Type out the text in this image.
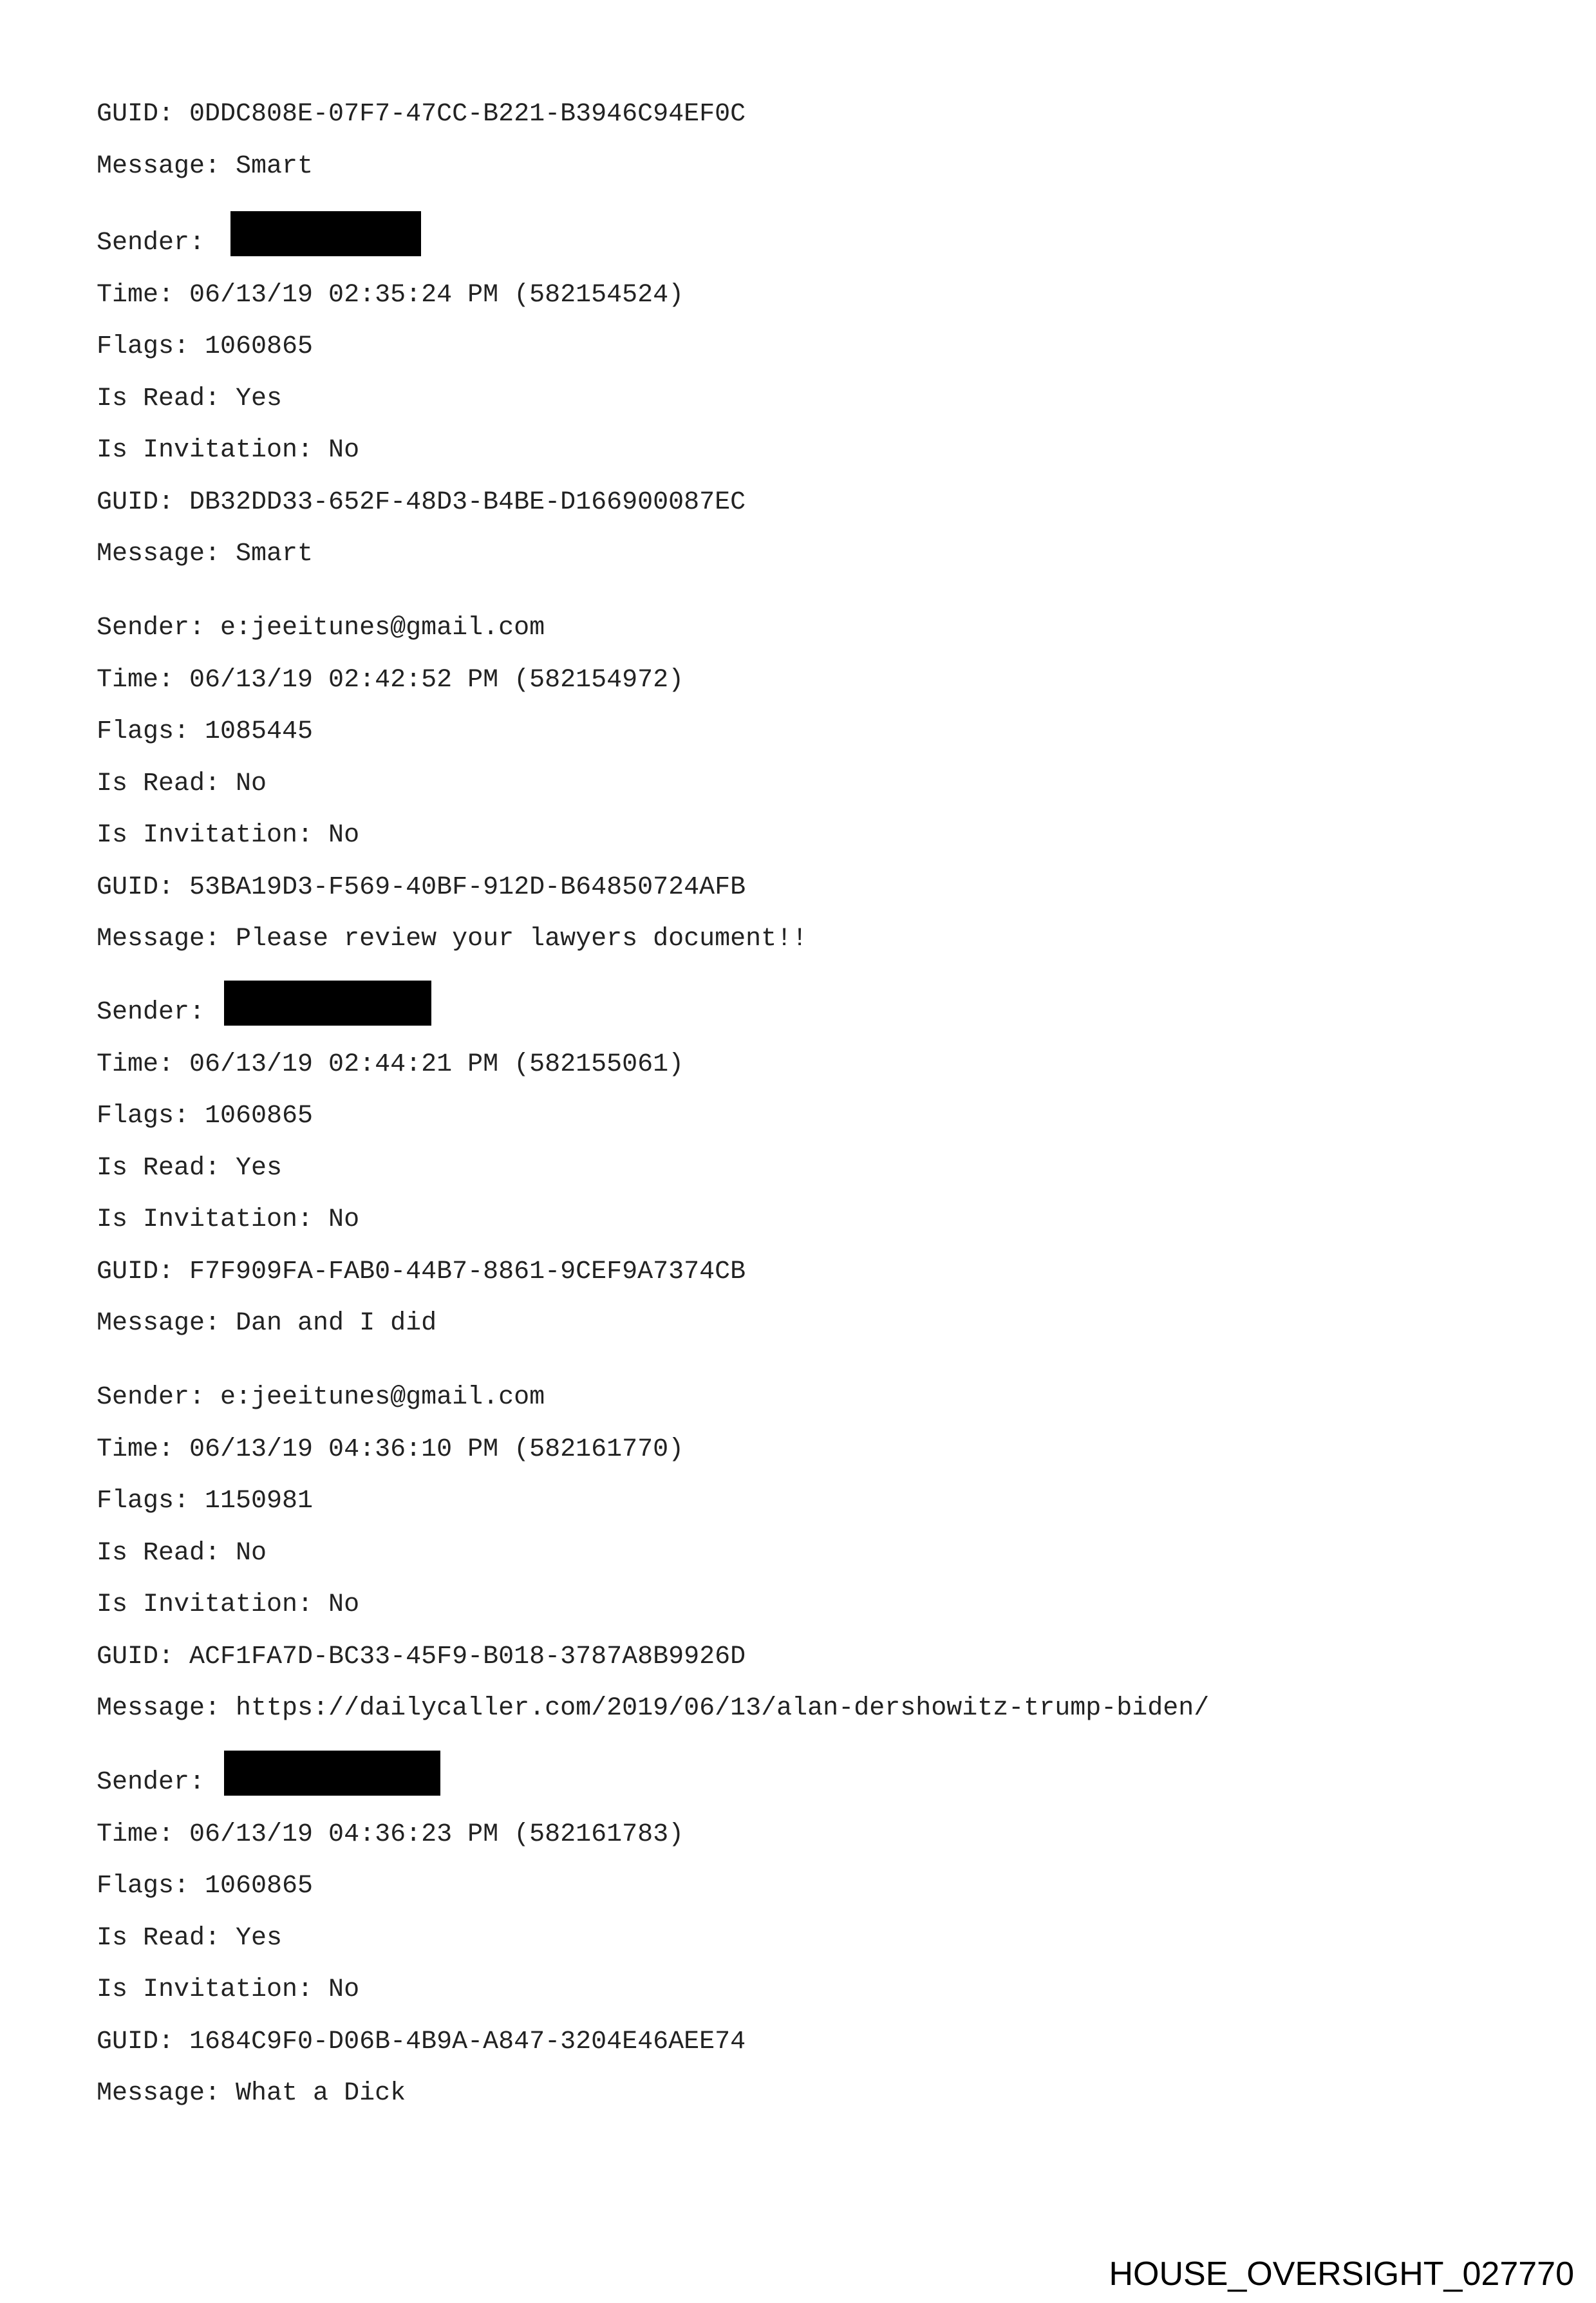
GUID: 0DDC808E-07F7-47CC-B221-B3946C94EF0C
Message: Smart
Sender:
Time: 06/13/19 02:35:24 PM (582154524)
Flags: 1060865
Is Read: Yes
Is Invitation: No
GUID: DB32DD33-652F-48D3-B4BE-D166900087EC
Message: Smart
Sender: e:jeeitunes@gmail.com
Time: 06/13/19 02:42:52 PM (582154972)
Flags: 1085445
Is Read: No
Is Invitation: No
GUID: 53BA19D3-F569-40BF-912D-B64850724AFB
Message: Please review your lawyers document!!
Sender:
Time: 06/13/19 02:44:21 PM (582155061)
Flags: 1060865
Is Read: Yes
Is Invitation: No
GUID: F7F909FA-FAB0-44B7-8861-9CEF9A7374CB
Message: Dan and I did
Sender: e:jeeitunes@gmail.com
Time: 06/13/19 04:36:10 PM (582161770)
Flags: 1150981
Is Read: No
Is Invitation: No
GUID: ACF1FA7D-BC33-45F9-B018-3787A8B9926D
Message: https://dailycaller.com/2019/06/13/alan-dershowitz-trump-biden/
Sender:
Time: 06/13/19 04:36:23 PM (582161783)
Flags: 1060865
Is Read: Yes
Is Invitation: No
GUID: 1684C9F0-D06B-4B9A-A847-3204E46AEE74
Message: What a Dick
HOUSE_OVERSIGHT_027770
